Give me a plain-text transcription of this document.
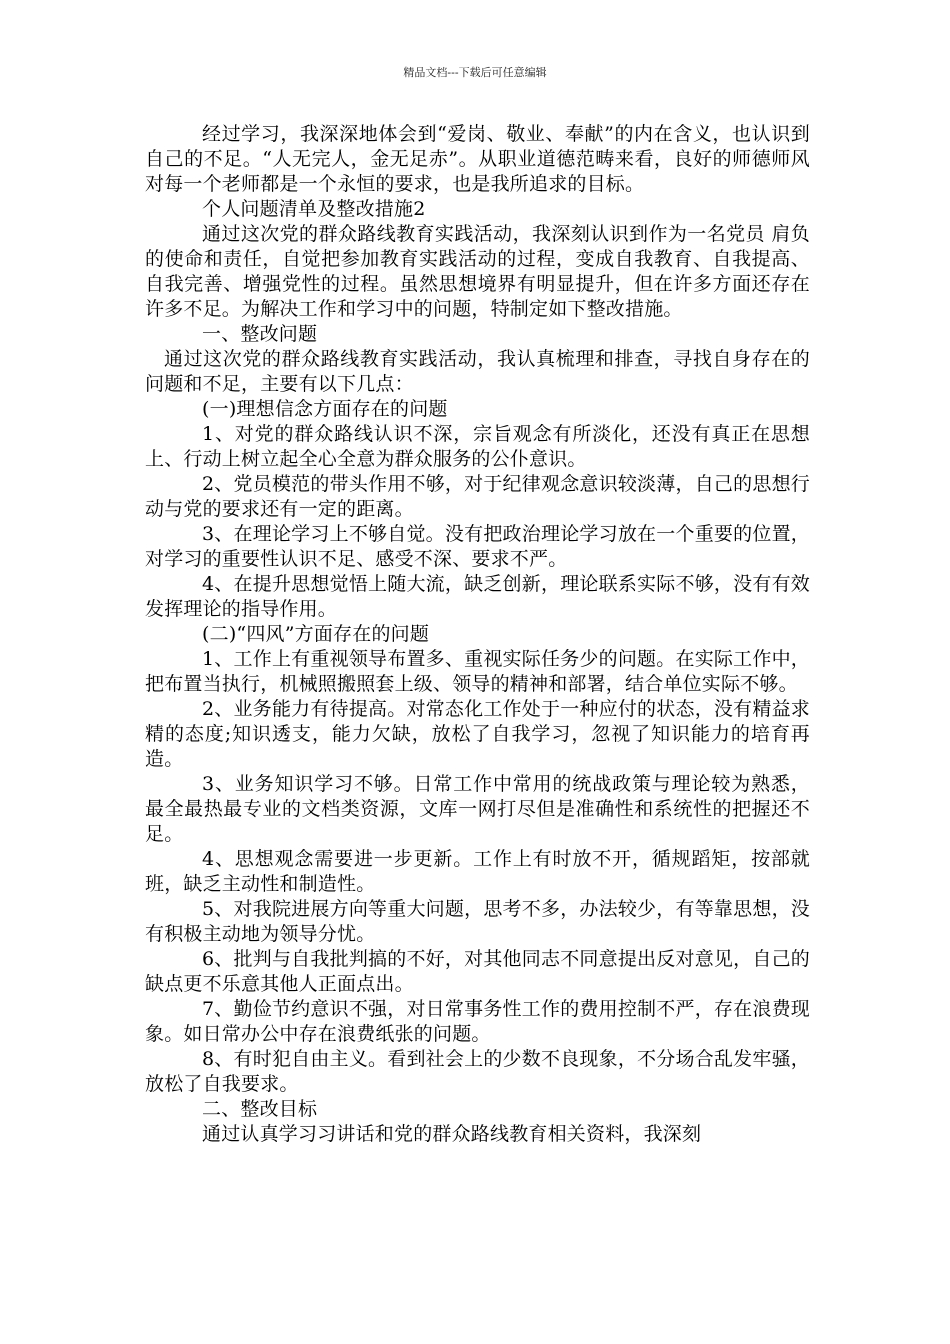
精品文档---下载后可任意编辑

经过学习，我深深地体会到“爱岗、敬业、奉献”的内在含义，也认识到自己的不足。“人无完人，金无足赤”。从职业道德范畴来看，良好的师德师风对每一个老师都是一个永恒的要求，也是我所追求的目标。

个人问题清单及整改措施2

通过这次党的群众路线教育实践活动，我深刻认识到作为一名党员 肩负的使命和责任，自觉把参加教育实践活动的过程，变成自我教育、自我提高、自我完善、增强党性的过程。虽然思想境界有明显提升，但在许多方面还存在许多不足。为解决工作和学习中的问题，特制定如下整改措施。

一、整改问题

通过这次党的群众路线教育实践活动，我认真梳理和排查，寻找自身存在的问题和不足，主要有以下几点：

(一)理想信念方面存在的问题

1、对党的群众路线认识不深，宗旨观念有所淡化，还没有真正在思想上、行动上树立起全心全意为群众服务的公仆意识。

2、党员模范的带头作用不够，对于纪律观念意识较淡薄，自己的思想行动与党的要求还有一定的距离。

3、在理论学习上不够自觉。没有把政治理论学习放在一个重要的位置，对学习的重要性认识不足、感受不深、要求不严。

4、在提升思想觉悟上随大流，缺乏创新，理论联系实际不够，没有有效发挥理论的指导作用。

(二)“四风”方面存在的问题

1、工作上有重视领导布置多、重视实际任务少的问题。在实际工作中，把布置当执行，机械照搬照套上级、领导的精神和部署，结合单位实际不够。

2、业务能力有待提高。对常态化工作处于一种应付的状态，没有精益求精的态度;知识透支，能力欠缺，放松了自我学习，忽视了知识能力的培育再造。

3、业务知识学习不够。日常工作中常用的统战政策与理论较为熟悉， 最全最热最专业的文档类资源，文库一网打尽但是准确性和系统性的把握还不足。

4、思想观念需要进一步更新。工作上有时放不开，循规蹈矩，按部就班，缺乏主动性和制造性。

5、对我院进展方向等重大问题，思考不多，办法较少，有等靠思想，没有积极主动地为领导分忧。

6、批判与自我批判搞的不好，对其他同志不同意提出反对意见，自己的缺点更不乐意其他人正面点出。

7、勤俭节约意识不强，对日常事务性工作的费用控制不严，存在浪费现象。如日常办公中存在浪费纸张的问题。

8、有时犯自由主义。看到社会上的少数不良现象，不分场合乱发牢骚，放松了自我要求。

二、整改目标

通过认真学习习讲话和党的群众路线教育相关资料，我深刻
